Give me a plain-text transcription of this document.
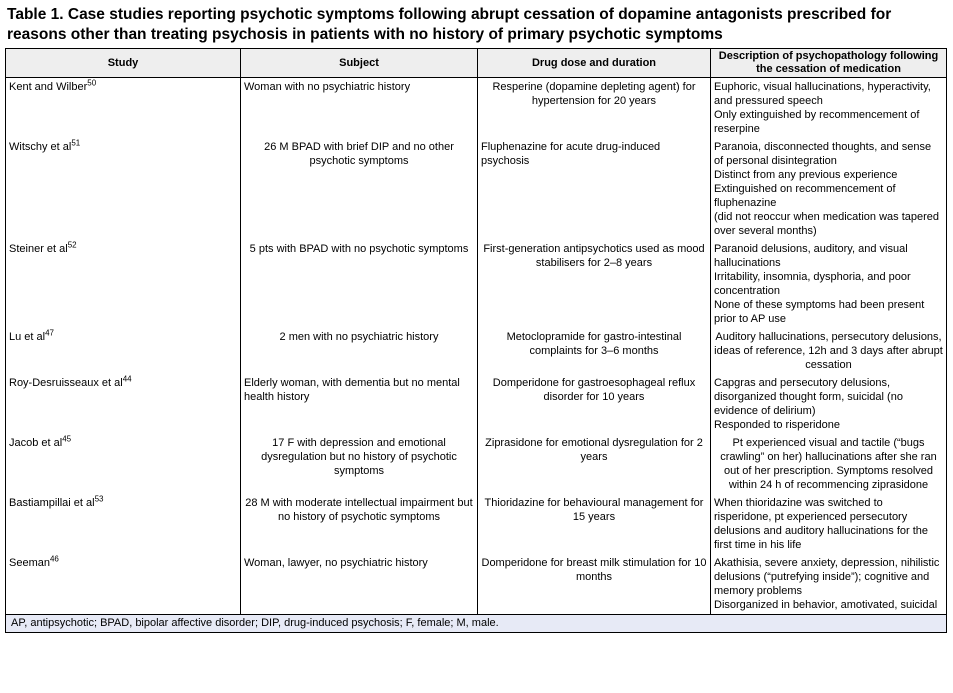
Table 1. Case studies reporting psychotic symptoms following abrupt cessation of dopamine antagonists prescribed for reasons other than treating psychosis in patients with no history of primary psychotic symptoms
Study	Subject	Drug dose and duration	Description of psychopathology following the cessation of medication
Kent and Wilber$^{50}$	Woman with no psychiatric history	Resperine (dopamine depleting agent) for hypertension for 20 years	Euphoric, visual hallucinations, hyperactivity, and pressured speech
Only extinguished by recommencement of reserpine

Witschy et al$^{51}$	26 M BPAD with brief DIP and no other psychotic symptoms	Fluphenazine for acute drug-induced psychosis	Paranoia, disconnected thoughts, and sense of personal disintegration
Distinct from any previous experience
Extinguished on recommencement of fluphenazine
(did not reoccur when medication was tapered over several months)

Steiner et al$^{52}$	5 pts with BPAD with no psychotic symptoms	First-generation antipsychotics used as mood stabilisers for 2–8 years	Paranoid delusions, auditory, and visual hallucinations
Irritability, insomnia, dysphoria, and poor concentration
None of these symptoms had been present prior to AP use

Lu et al$^{47}$	2 men with no psychiatric history	Metoclopramide for gastro-intestinal complaints for 3–6 months	Auditory hallucinations, persecutory delusions, ideas of reference, 12h and 3 days after abrupt cessation

Roy-Desruisseaux et al$^{44}$	Elderly woman, with dementia but no mental health history	Domperidone for gastroesophageal reflux disorder for 10 years	Capgras and persecutory delusions, disorganized thought form, suicidal (no evidence of delirium)
Responded to risperidone

Jacob et al$^{45}$	17 F with depression and emotional dysregulation but no history of psychotic symptoms	Ziprasidone for emotional dysregulation for 2 years	Pt experienced visual and tactile (“bugs crawling” on her) hallucinations after she ran out of her prescription. Symptoms resolved within 24 h of recommencing ziprasidone

Bastiampillai et al$^{53}$	28 M with moderate intellectual impairment but no history of psychotic symptoms	Thioridazine for behavioural management for 15 years	When thioridazine was switched to risperidone, pt experienced persecutory delusions and auditory hallucinations for the first time in his life

Seeman$^{46}$	Woman, lawyer, no psychiatric history	Domperidone for breast milk stimulation for 10 months	Akathisia, severe anxiety, depression, nihilistic delusions (“putrefying inside”); cognitive and memory problems
Disorganized in behavior, amotivated, suicidal
AP, antipsychotic; BPAD, bipolar affective disorder; DIP, drug-induced psychosis; F, female; M, male.
